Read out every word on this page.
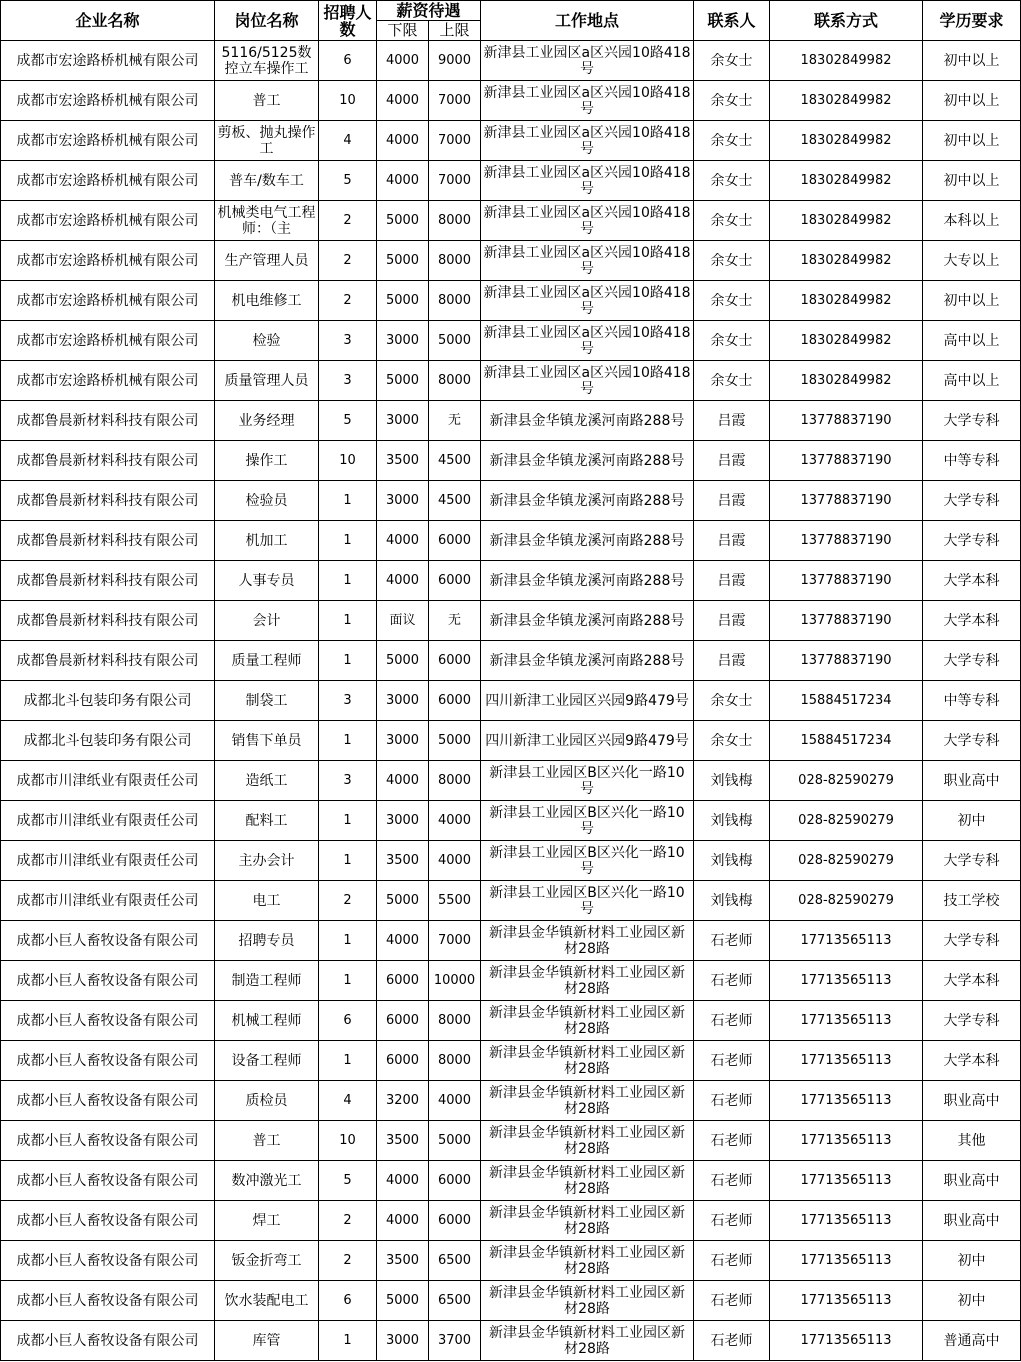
企业名称	岗位名称	招聘人数	薪资待遇		工作地点	联系人	联系方式	学历要求
			下限	上限				

成都市宏途路桥机械有限公司	5116/5125数控立车操作工	6	4000	9000	新津县工业园区a区兴园10路418号	余女士	18302849982	初中以上

成都市宏途路桥机械有限公司	普工	10	4000	7000	新津县工业园区a区兴园10路418号	余女士	18302849982	初中以上

成都市宏途路桥机械有限公司	剪板、抛丸操作工	4	4000	7000	新津县工业园区a区兴园10路418号	余女士	18302849982	初中以上

成都市宏途路桥机械有限公司	普车/数车工	5	4000	7000	新津县工业园区a区兴园10路418号	余女士	18302849982	初中以上

成都市宏途路桥机械有限公司	机械类电气工程师：（主	2	5000	8000	新津县工业园区a区兴园10路418号	余女士	18302849982	本科以上

成都市宏途路桥机械有限公司	生产管理人员	2	5000	8000	新津县工业园区a区兴园10路418号	余女士	18302849982	大专以上

成都市宏途路桥机械有限公司	机电维修工	2	5000	8000	新津县工业园区a区兴园10路418号	余女士	18302849982	初中以上

成都市宏途路桥机械有限公司	检验	3	3000	5000	新津县工业园区a区兴园10路418号	余女士	18302849982	高中以上

成都市宏途路桥机械有限公司	质量管理人员	3	5000	8000	新津县工业园区a区兴园10路418号	余女士	18302849982	高中以上

成都鲁晨新材料科技有限公司	业务经理	5	3000	无	新津县金华镇龙溪河南路288号	吕霞	13778837190	大学专科

成都鲁晨新材料科技有限公司	操作工	10	3500	4500	新津县金华镇龙溪河南路288号	吕霞	13778837190	中等专科

成都鲁晨新材料科技有限公司	检验员	1	3000	4500	新津县金华镇龙溪河南路288号	吕霞	13778837190	大学专科

成都鲁晨新材料科技有限公司	机加工	1	4000	6000	新津县金华镇龙溪河南路288号	吕霞	13778837190	大学专科

成都鲁晨新材料科技有限公司	人事专员	1	4000	6000	新津县金华镇龙溪河南路288号	吕霞	13778837190	大学本科

成都鲁晨新材料科技有限公司	会计	1	面议	无	新津县金华镇龙溪河南路288号	吕霞	13778837190	大学本科

成都鲁晨新材料科技有限公司	质量工程师	1	5000	6000	新津县金华镇龙溪河南路288号	吕霞	13778837190	大学专科

成都北斗包装印务有限公司	制袋工	3	3000	6000	四川新津工业园区兴园9路479号	余女士	15884517234	中等专科

成都北斗包装印务有限公司	销售下单员	1	3000	5000	四川新津工业园区兴园9路479号	余女士	15884517234	大学专科

成都市川津纸业有限责任公司	造纸工	3	4000	8000	新津县工业园区B区兴化一路10号	刘钱梅	028-82590279	职业高中

成都市川津纸业有限责任公司	配料工	1	3000	4000	新津县工业园区B区兴化一路10号	刘钱梅	028-82590279	初中

成都市川津纸业有限责任公司	主办会计	1	3500	4000	新津县工业园区B区兴化一路10号	刘钱梅	028-82590279	大学专科

成都市川津纸业有限责任公司	电工	2	5000	5500	新津县工业园区B区兴化一路10号	刘钱梅	028-82590279	技工学校

成都小巨人畜牧设备有限公司	招聘专员	1	4000	7000	新津县金华镇新材料工业园区新材28路	石老师	17713565113	大学专科

成都小巨人畜牧设备有限公司	制造工程师	1	6000	10000	新津县金华镇新材料工业园区新材28路	石老师	17713565113	大学本科

成都小巨人畜牧设备有限公司	机械工程师	6	6000	8000	新津县金华镇新材料工业园区新材28路	石老师	17713565113	大学专科

成都小巨人畜牧设备有限公司	设备工程师	1	6000	8000	新津县金华镇新材料工业园区新材28路	石老师	17713565113	大学本科

成都小巨人畜牧设备有限公司	质检员	4	3200	4000	新津县金华镇新材料工业园区新材28路	石老师	17713565113	职业高中

成都小巨人畜牧设备有限公司	普工	10	3500	5000	新津县金华镇新材料工业园区新材28路	石老师	17713565113	其他

成都小巨人畜牧设备有限公司	数冲激光工	5	4000	6000	新津县金华镇新材料工业园区新材28路	石老师	17713565113	职业高中

成都小巨人畜牧设备有限公司	焊工	2	4000	6000	新津县金华镇新材料工业园区新材28路	石老师	17713565113	职业高中

成都小巨人畜牧设备有限公司	钣金折弯工	2	3500	6500	新津县金华镇新材料工业园区新材28路	石老师	17713565113	初中

成都小巨人畜牧设备有限公司	饮水装配电工	6	5000	6500	新津县金华镇新材料工业园区新材28路	石老师	17713565113	初中

成都小巨人畜牧设备有限公司	库管	1	3000	3700	新津县金华镇新材料工业园区新材28路	石老师	17713565113	普通高中
